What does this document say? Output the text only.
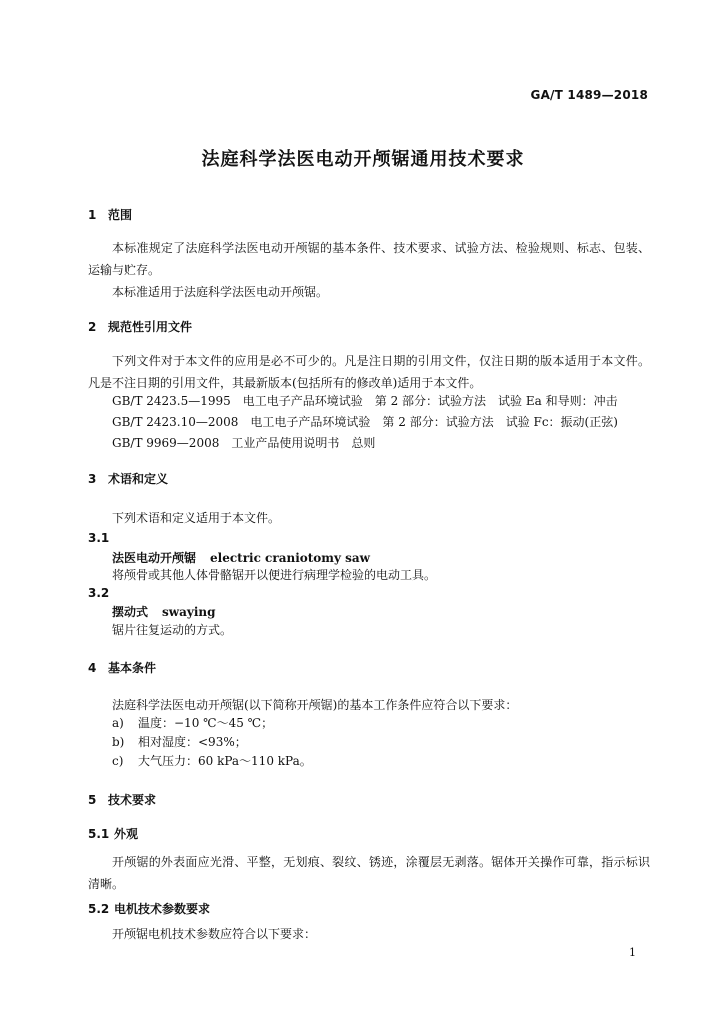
GA/T 1489—2018
法庭科学法医电动开颅锯通用技术要求
1 范围
本标准规定了法庭科学法医电动开颅锯的基本条件、技术要求、试验方法、检验规则、标志、包装、运输与贮存。
本标准适用于法庭科学法医电动开颅锯。
2 规范性引用文件
下列文件对于本文件的应用是必不可少的。凡是注日期的引用文件，仅注日期的版本适用于本文件。凡是不注日期的引用文件，其最新版本(包括所有的修改单)适用于本文件。
GB/T 2423.5—1995　电工电子产品环境试验　第 2 部分：试验方法　试验 Ea 和导则：冲击
GB/T 2423.10—2008　电工电子产品环境试验　第 2 部分：试验方法　试验 Fc：振动(正弦)
GB/T 9969—2008　工业产品使用说明书　总则
3 术语和定义
下列术语和定义适用于本文件。
3.1
法医电动开颅锯 electric craniotomy saw
将颅骨或其他人体骨骼锯开以便进行病理学检验的电动工具。
3.2
摆动式 swaying
锯片往复运动的方式。
4 基本条件
法庭科学法医电动开颅锯(以下简称开颅锯)的基本工作条件应符合以下要求：
a) 温度：−10 ℃～45 ℃；
b) 相对湿度：<93%；
c) 大气压力：60 kPa～110 kPa。
5 技术要求
5.1 外观
开颅锯的外表面应光滑、平整，无划痕、裂纹、锈迹，涂覆层无剥落。锯体开关操作可靠，指示标识清晰。
5.2 电机技术参数要求
开颅锯电机技术参数应符合以下要求：
1
